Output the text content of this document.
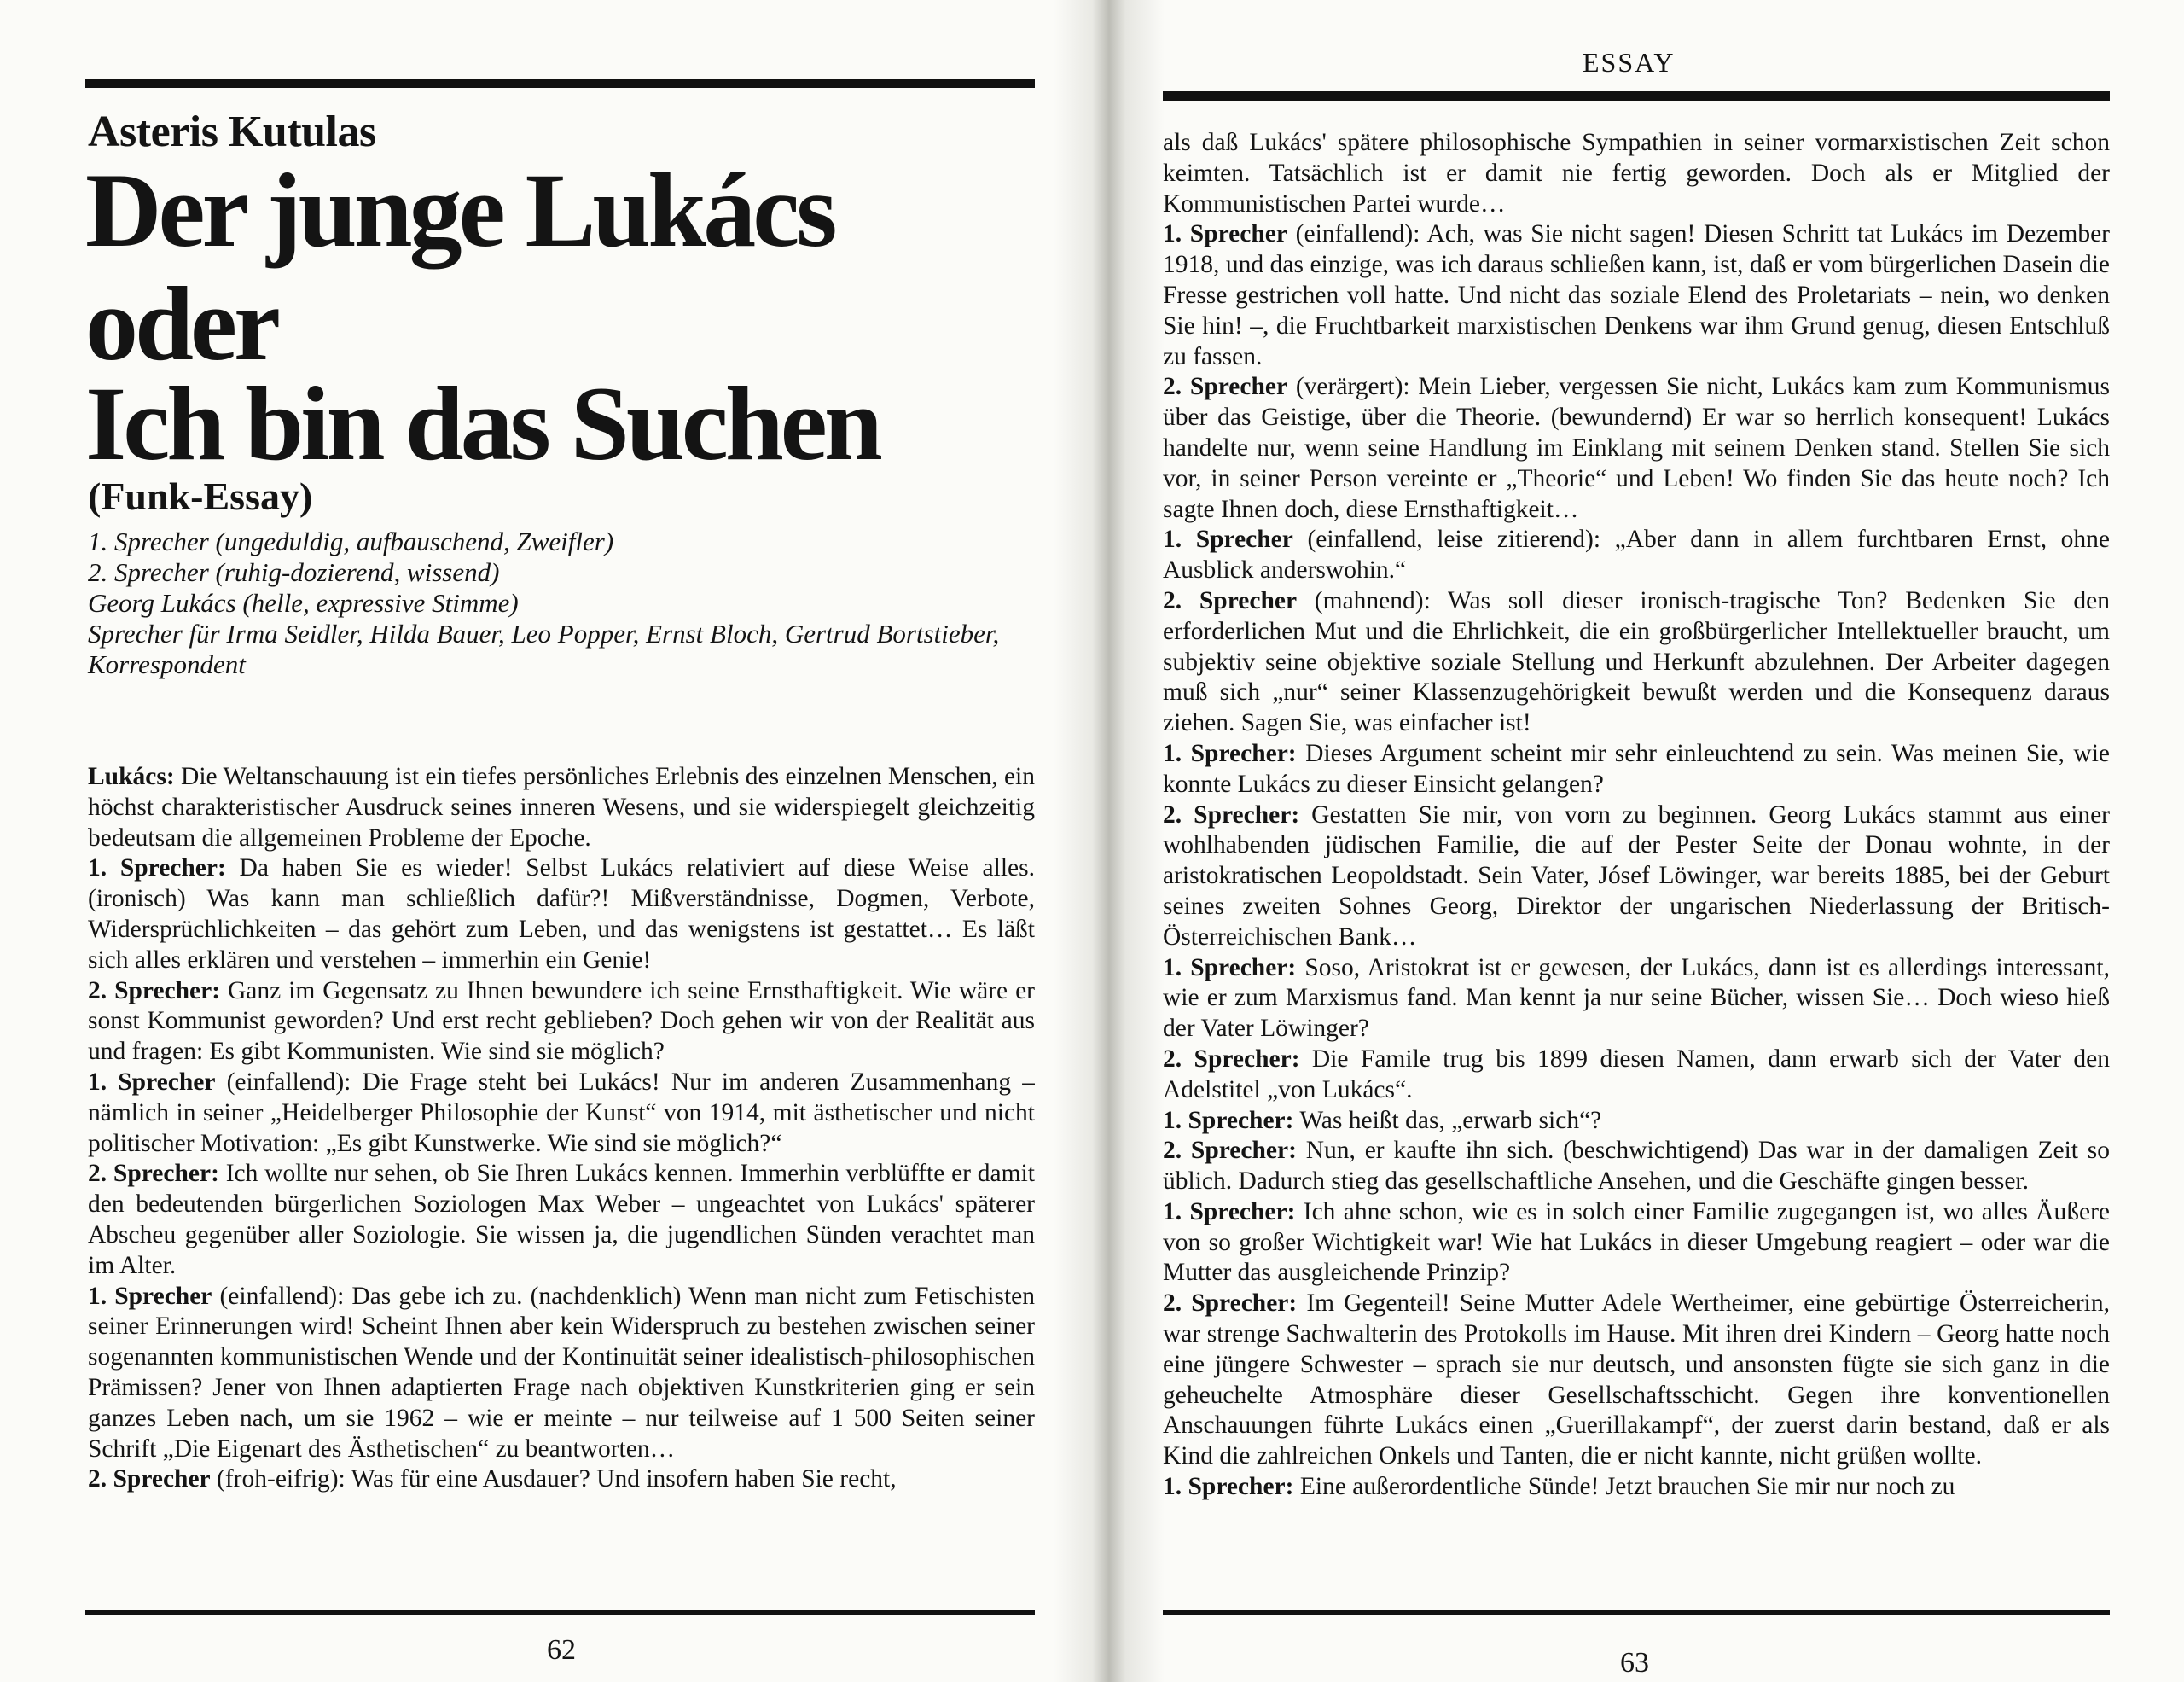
Asteris Kutulas
Der junge Lukács
oder
Ich bin das Suchen
(Funk-Essay)
1. Sprecher (ungeduldig, aufbauschend, Zweifler)
2. Sprecher (ruhig-dozierend, wissend)
Georg Lukács (helle, expressive Stimme)
Sprecher für Irma Seidler, Hilda Bauer, Leo Popper, Ernst Bloch, Gertrud Bortstieber, Korrespondent

Lukács: Die Weltanschauung ist ein tiefes persönliches Erlebnis des einzelnen Menschen, ein höchst charakteristischer Ausdruck seines inneren Wesens, und sie widerspiegelt gleichzeitig bedeutsam die allgemeinen Probleme der Epoche.

1. Sprecher: Da haben Sie es wieder! Selbst Lukács relativiert auf diese Weise alles. (ironisch) Was kann man schließlich dafür?! Mißverständnisse, Dogmen, Verbote, Widersprüchlichkeiten – das gehört zum Leben, und das wenigstens ist gestattet… Es läßt sich alles erklären und verstehen – immerhin ein Genie!

2. Sprecher: Ganz im Gegensatz zu Ihnen bewundere ich seine Ernsthaftigkeit. Wie wäre er sonst Kommunist geworden? Und erst recht geblieben? Doch gehen wir von der Realität aus und fragen: Es gibt Kommunisten. Wie sind sie möglich?

1. Sprecher (einfallend): Die Frage steht bei Lukács! Nur im anderen Zusammenhang – nämlich in seiner „Heidelberger Philosophie der Kunst“ von 1914, mit ästhetischer und nicht politischer Motivation: „Es gibt Kunstwerke. Wie sind sie möglich?“

2. Sprecher: Ich wollte nur sehen, ob Sie Ihren Lukács kennen. Immerhin verblüffte er damit den bedeutenden bürgerlichen Soziologen Max Weber – ungeachtet von Lukács' späterer Abscheu gegenüber aller Soziologie. Sie wissen ja, die jugendlichen Sünden verachtet man im Alter.

1. Sprecher (einfallend): Das gebe ich zu. (nachdenklich) Wenn man nicht zum Fetischisten seiner Erinnerungen wird! Scheint Ihnen aber kein Widerspruch zu bestehen zwischen seiner sogenannten kommunistischen Wende und der Kontinuität seiner idealistisch-philosophischen Prämissen? Jener von Ihnen adaptierten Frage nach objektiven Kunstkriterien ging er sein ganzes Leben nach, um sie 1962 – wie er meinte – nur teilweise auf 1 500 Seiten seiner Schrift „Die Eigenart des Ästhetischen“ zu beantworten…

2. Sprecher (froh-eifrig): Was für eine Ausdauer? Und insofern haben Sie recht,

62
ESSAY

als daß Lukács' spätere philosophische Sympathien in seiner vormarxistischen Zeit schon keimten. Tatsächlich ist er damit nie fertig geworden. Doch als er Mitglied der Kommunistischen Partei wurde…

1. Sprecher (einfallend): Ach, was Sie nicht sagen! Diesen Schritt tat Lukács im Dezember 1918, und das einzige, was ich daraus schließen kann, ist, daß er vom bürgerlichen Dasein die Fresse gestrichen voll hatte. Und nicht das soziale Elend des Proletariats – nein, wo denken Sie hin! –, die Fruchtbarkeit marxistischen Denkens war ihm Grund genug, diesen Entschluß zu fassen.

2. Sprecher (verärgert): Mein Lieber, vergessen Sie nicht, Lukács kam zum Kommunismus über das Geistige, über die Theorie. (bewundernd) Er war so herrlich konsequent! Lukács handelte nur, wenn seine Handlung im Einklang mit seinem Denken stand. Stellen Sie sich vor, in seiner Person vereinte er „Theorie“ und Leben! Wo finden Sie das heute noch? Ich sagte Ihnen doch, diese Ernsthaftigkeit…

1. Sprecher (einfallend, leise zitierend): „Aber dann in allem furchtbaren Ernst, ohne Ausblick anderswohin.“

2. Sprecher (mahnend): Was soll dieser ironisch-tragische Ton? Bedenken Sie den erforderlichen Mut und die Ehrlichkeit, die ein großbürgerlicher Intellektueller braucht, um subjektiv seine objektive soziale Stellung und Herkunft abzulehnen. Der Arbeiter dagegen muß sich „nur“ seiner Klassenzugehörigkeit bewußt werden und die Konsequenz daraus ziehen. Sagen Sie, was einfacher ist!

1. Sprecher: Dieses Argument scheint mir sehr einleuchtend zu sein. Was meinen Sie, wie konnte Lukács zu dieser Einsicht gelangen?

2. Sprecher: Gestatten Sie mir, von vorn zu beginnen. Georg Lukács stammt aus einer wohlhabenden jüdischen Familie, die auf der Pester Seite der Donau wohnte, in der aristokratischen Leopoldstadt. Sein Vater, Jósef Löwinger, war bereits 1885, bei der Geburt seines zweiten Sohnes Georg, Direktor der ungarischen Niederlassung der Britisch-Österreichischen Bank…

1. Sprecher: Soso, Aristokrat ist er gewesen, der Lukács, dann ist es allerdings interessant, wie er zum Marxismus fand. Man kennt ja nur seine Bücher, wissen Sie… Doch wieso hieß der Vater Löwinger?

2. Sprecher: Die Famile trug bis 1899 diesen Namen, dann erwarb sich der Vater den Adelstitel „von Lukács“.

1. Sprecher: Was heißt das, „erwarb sich“?

2. Sprecher: Nun, er kaufte ihn sich. (beschwichtigend) Das war in der damaligen Zeit so üblich. Dadurch stieg das gesellschaftliche Ansehen, und die Geschäfte gingen besser.

1. Sprecher: Ich ahne schon, wie es in solch einer Familie zugegangen ist, wo alles Äußere von so großer Wichtigkeit war! Wie hat Lukács in dieser Umgebung reagiert – oder war die Mutter das ausgleichende Prinzip?

2. Sprecher: Im Gegenteil! Seine Mutter Adele Wertheimer, eine gebürtige Österreicherin, war strenge Sachwalterin des Protokolls im Hause. Mit ihren drei Kindern – Georg hatte noch eine jüngere Schwester – sprach sie nur deutsch, und ansonsten fügte sie sich ganz in die geheuchelte Atmosphäre dieser Gesellschaftsschicht. Gegen ihre konventionellen Anschauungen führte Lukács einen „Guerillakampf“, der zuerst darin bestand, daß er als Kind die zahlreichen Onkels und Tanten, die er nicht kannte, nicht grüßen wollte.

1. Sprecher: Eine außerordentliche Sünde! Jetzt brauchen Sie mir nur noch zu

63
